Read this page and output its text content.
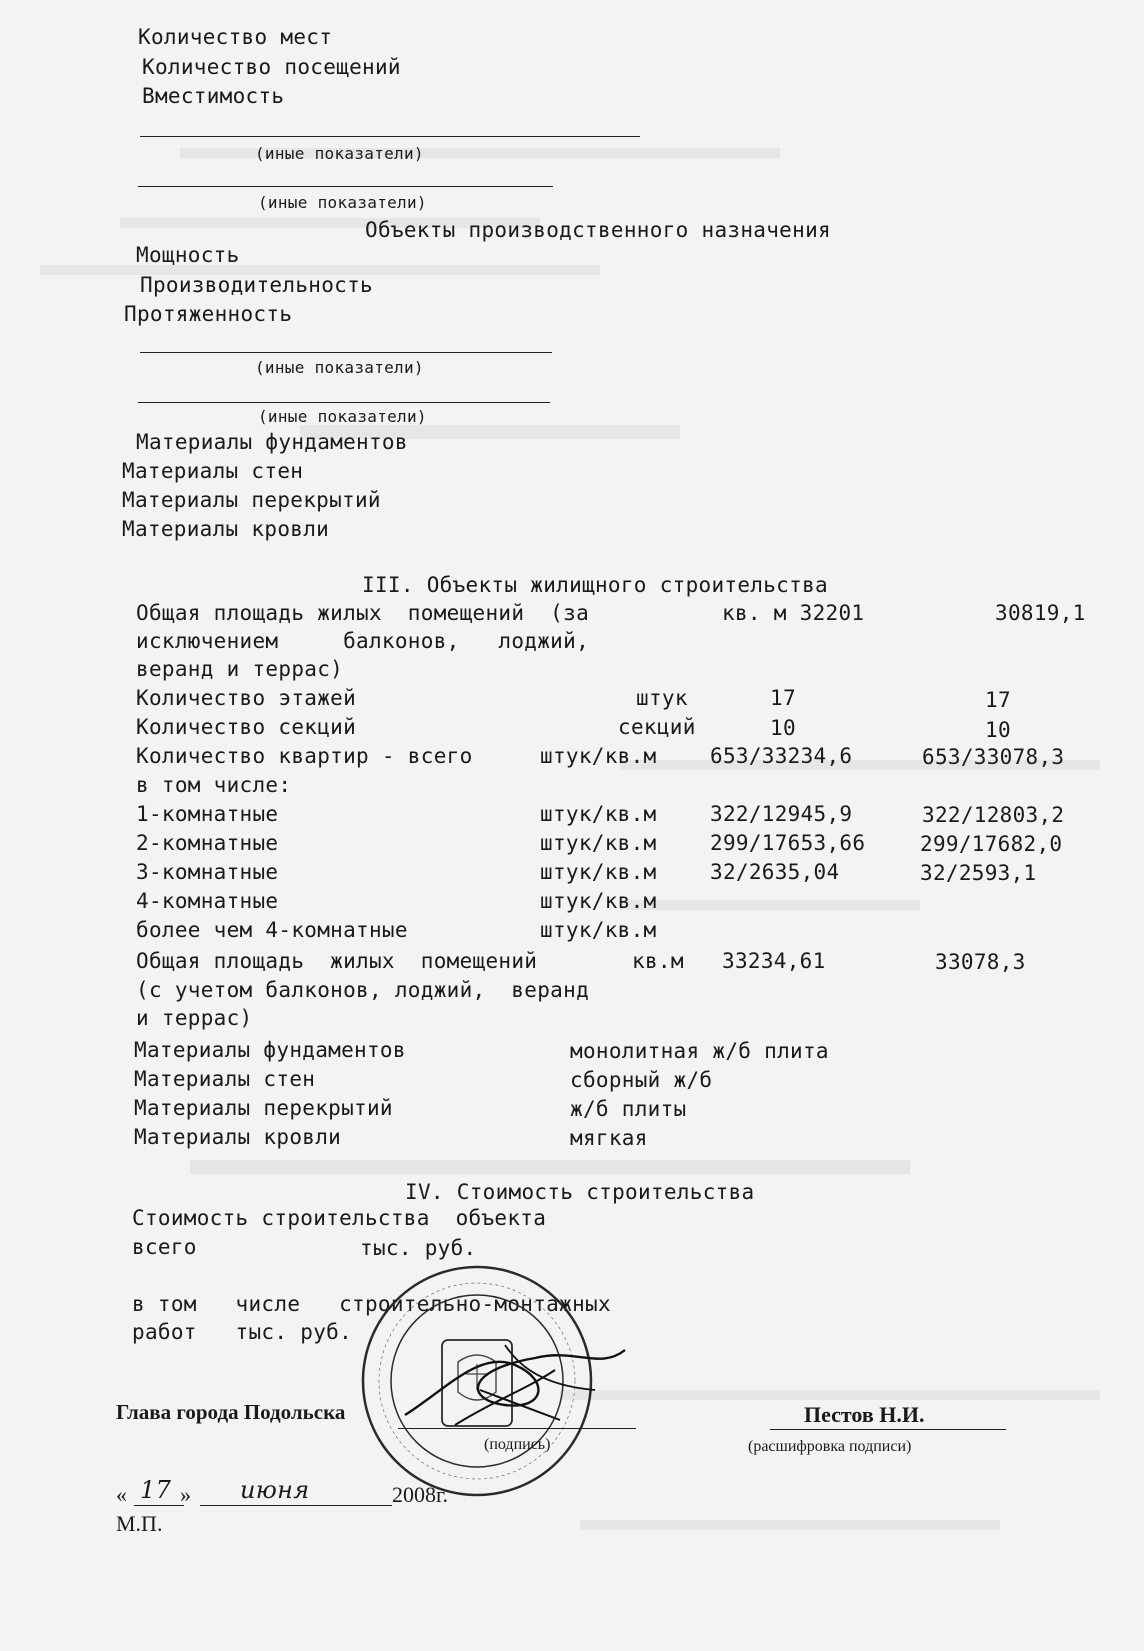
Количество мест
Количество посещений
Вместимость
(иные показатели)
(иные показатели)
Объекты производственного назначения
Мощность
Производительность
Протяженность
(иные показатели)
(иные показатели)
Материалы фундаментов
Материалы стен
Материалы перекрытий
Материалы кровли
III. Объекты жилищного строительства
Общая площадь жилых  помещений  (за
исключением     балконов,   лоджий,
веранд и террас)
кв. м 32201	30819,1
Количество этажей	штук	17	17
Количество секций	секций	10	10
Количество квартир - всего	штук/кв.м	653/33234,6	653/33078,3
в том числе:
1-комнатные	штук/кв.м	322/12945,9	322/12803,2
2-комнатные	штук/кв.м	299/17653,66	299/17682,0
3-комнатные	штук/кв.м	32/2635,04	32/2593,1
4-комнатные	штук/кв.м
более чем 4-комнатные	штук/кв.м
Общая площадь  жилых  помещений
(с учетом балконов, лоджий,  веранд
и террас)
кв.м 33234,61	33078,3
Материалы фундаментов	монолитная ж/б плита
Материалы стен	сборный ж/б
Материалы перекрытий	ж/б плиты
Материалы кровли	мягкая
IV. Стоимость строительства
Стоимость строительства  объекта
всего	тыс. руб.
в том   числе   строительно-монтажных
работ   тыс. руб.
Глава города Подольска
(подпись)
Пестов Н.И.
(расшифровка подписи)
« 17 » июня	2008г.
М.П.
